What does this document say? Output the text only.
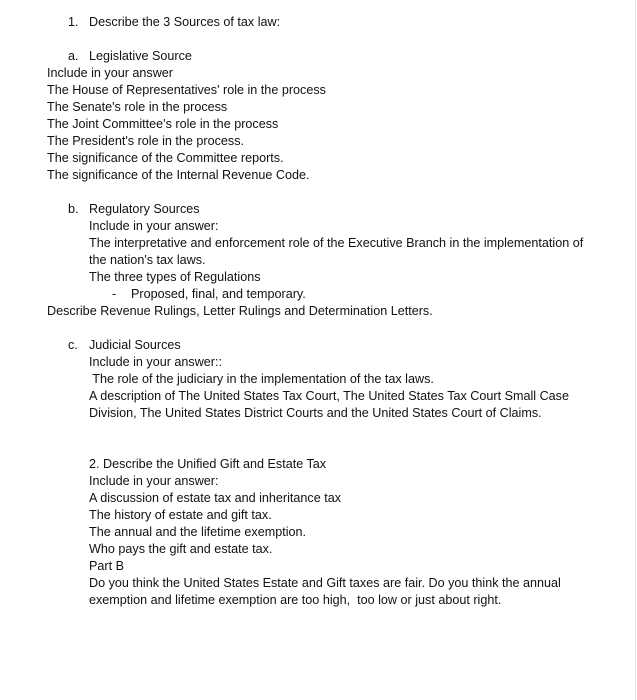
1. Describe the 3 Sources of tax law:
a. Legislative Source
Include in your answer
The House of Representatives' role in the process
The Senate's role in the process
The Joint Committee's role in the process
The President's role in the process.
The significance of the Committee reports.
The significance of the Internal Revenue Code.
b. Regulatory Sources
Include in your answer:
The interpretative and enforcement role of the Executive Branch in the implementation of
the nation's tax laws.
The three types of Regulations
- Proposed, final, and temporary.
Describe Revenue Rulings, Letter Rulings and Determination Letters.
c. Judicial Sources
Include in your answer::
The role of the judiciary in the implementation of the tax laws.
A description of The United States Tax Court, The United States Tax Court Small Case
Division, The United States District Courts and the United States Court of Claims.
2. Describe the Unified Gift and Estate Tax
Include in your answer:
A discussion of estate tax and inheritance tax
The history of estate and gift tax.
The annual and the lifetime exemption.
Who pays the gift and estate tax.
Part B
Do you think the United States Estate and Gift taxes are fair. Do you think the annual
exemption and lifetime exemption are too high,  too low or just about right.
